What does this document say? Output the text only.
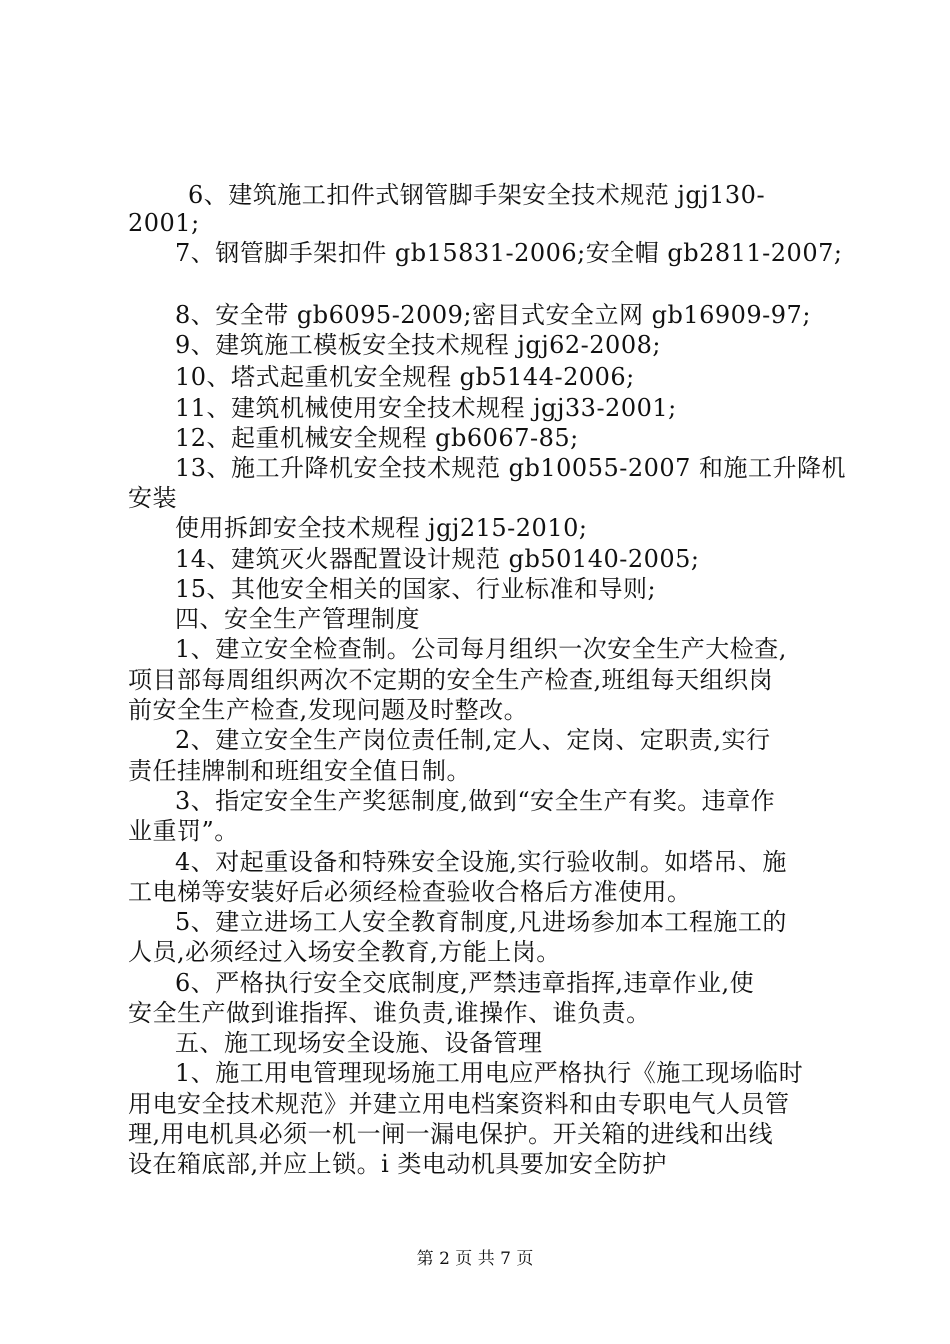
6、建筑施工扣件式钢管脚手架安全技术规范 jgj130-
2001;
7、钢管脚手架扣件 gb15831-2006;安全帽 gb2811-2007;
8、安全带 gb6095-2009;密目式安全立网 gb16909-97;
9、建筑施工模板安全技术规程 jgj62-2008;
10、塔式起重机安全规程 gb5144-2006;
11、建筑机械使用安全技术规程 jgj33-2001;
12、起重机械安全规程 gb6067-85;
13、施工升降机安全技术规范 gb10055-2007 和施工升降机
安装
使用拆卸安全技术规程 jgj215-2010;
14、建筑灭火器配置设计规范 gb50140-2005;
15、其他安全相关的国家、行业标准和导则;
四、安全生产管理制度
1、建立安全检查制。公司每月组织一次安全生产大检查,
项目部每周组织两次不定期的安全生产检查,班组每天组织岗
前安全生产检查,发现问题及时整改。
2、建立安全生产岗位责任制,定人、定岗、定职责,实行
责任挂牌制和班组安全值日制。
3、指定安全生产奖惩制度,做到“安全生产有奖。违章作
业重罚”。
4、对起重设备和特殊安全设施,实行验收制。如塔吊、施
工电梯等安装好后必须经检查验收合格后方准使用。
5、建立进场工人安全教育制度,凡进场参加本工程施工的
人员,必须经过入场安全教育,方能上岗。
6、严格执行安全交底制度,严禁违章指挥,违章作业,使
安全生产做到谁指挥、谁负责,谁操作、谁负责。
五、施工现场安全设施、设备管理
1、施工用电管理现场施工用电应严格执行《施工现场临时
用电安全技术规范》并建立用电档案资料和由专职电气人员管
理,用电机具必须一机一闸一漏电保护。开关箱的进线和出线
设在箱底部,并应上锁。i 类电动机具要加安全防护
第 2 页 共 7 页
